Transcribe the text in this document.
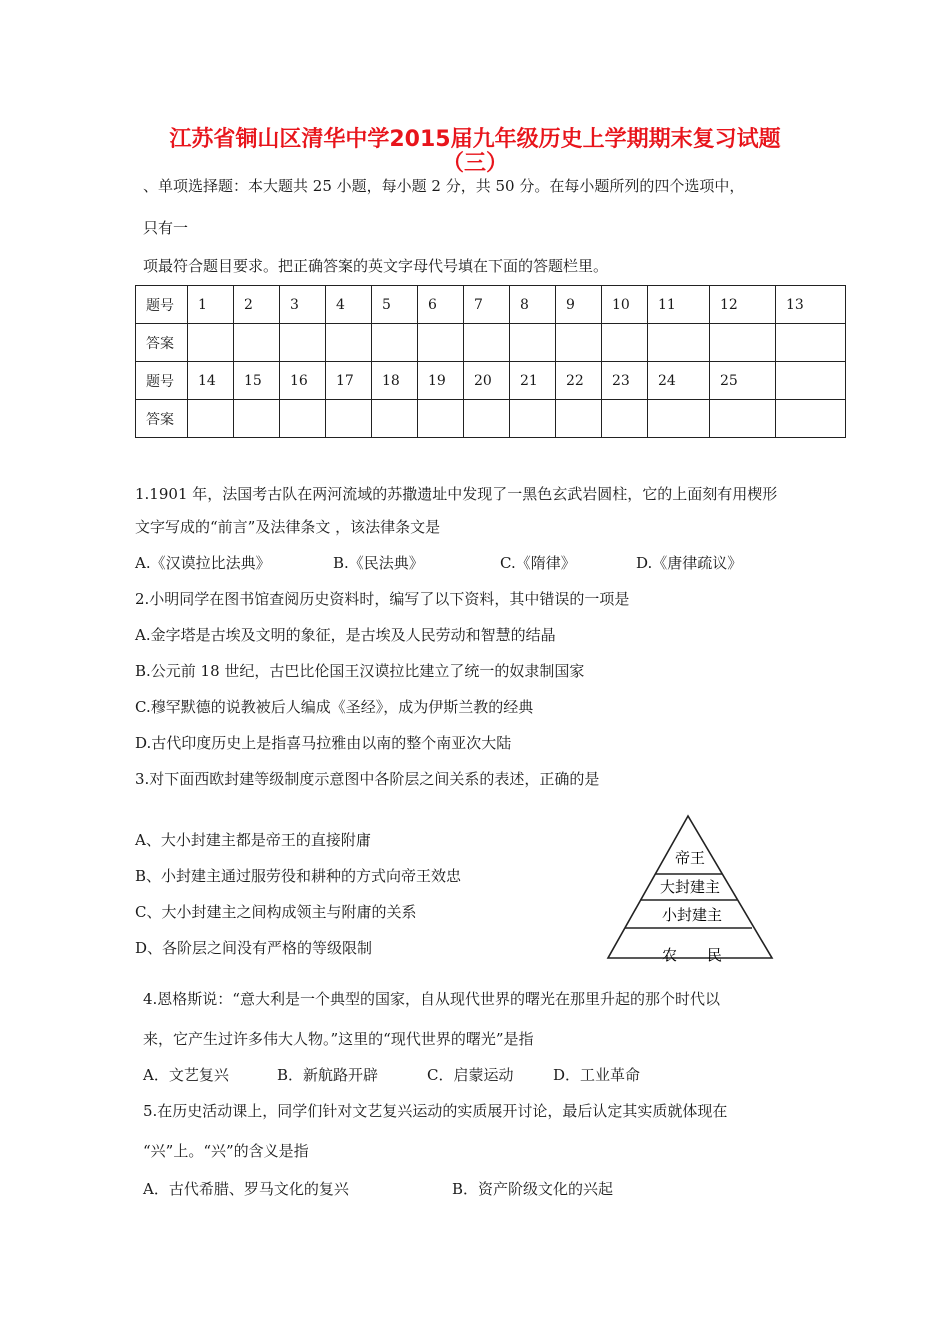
江苏省铜山区清华中学2015届九年级历史上学期期末复习试题
（三）
、单项选择题：本大题共 25 小题，每小题 2 分，共 50 分。在每小题所列的四个选项中，
只有一
项最符合题目要求。把正确答案的英文字母代号填在下面的答题栏里。
题号	1	2	3	4	5	6	7	8	9	10	11	12	13
答案													
题号	14	15	16	17	18	19	20	21	22	23	24	25	
答案													
1.1901 年，法国考古队在两河流域的苏撒遗址中发现了一黑色玄武岩圆柱，它的上面刻有用楔形
文字写成的“前言”及法律条文 ，该法律条文是
A.《汉谟拉比法典》	B.《民法典》	C.《隋律》	D.《唐律疏议》
2.小明同学在图书馆查阅历史资料时，编写了以下资料，其中错误的一项是
A.金字塔是古埃及文明的象征，是古埃及人民劳动和智慧的结晶
B.公元前 18 世纪，古巴比伦国王汉谟拉比建立了统一的奴隶制国家
C.穆罕默德的说教被后人编成《圣经》，成为伊斯兰教的经典
D.古代印度历史上是指喜马拉雅由以南的整个南亚次大陆
3.对下面西欧封建等级制度示意图中各阶层之间关系的表述，正确的是
A、大小封建主都是帝王的直接附庸
B、小封建主通过服劳役和耕种的方式向帝王效忠
C、大小封建主之间构成领主与附庸的关系
D、各阶层之间没有严格的等级限制
帝王
大封建主
小封建主
农　　民
4.恩格斯说：“意大利是一个典型的国家，自从现代世界的曙光在那里升起的那个时代以
来，它产生过许多伟大人物。”这里的“现代世界的曙光”是指
A．文艺复兴	B．新航路开辟	C．启蒙运动	D．工业革命
5.在历史活动课上，同学们针对文艺复兴运动的实质展开讨论，最后认定其实质就体现在
“兴”上。“兴”的含义是指
A．古代希腊、罗马文化的复兴	B．资产阶级文化的兴起
